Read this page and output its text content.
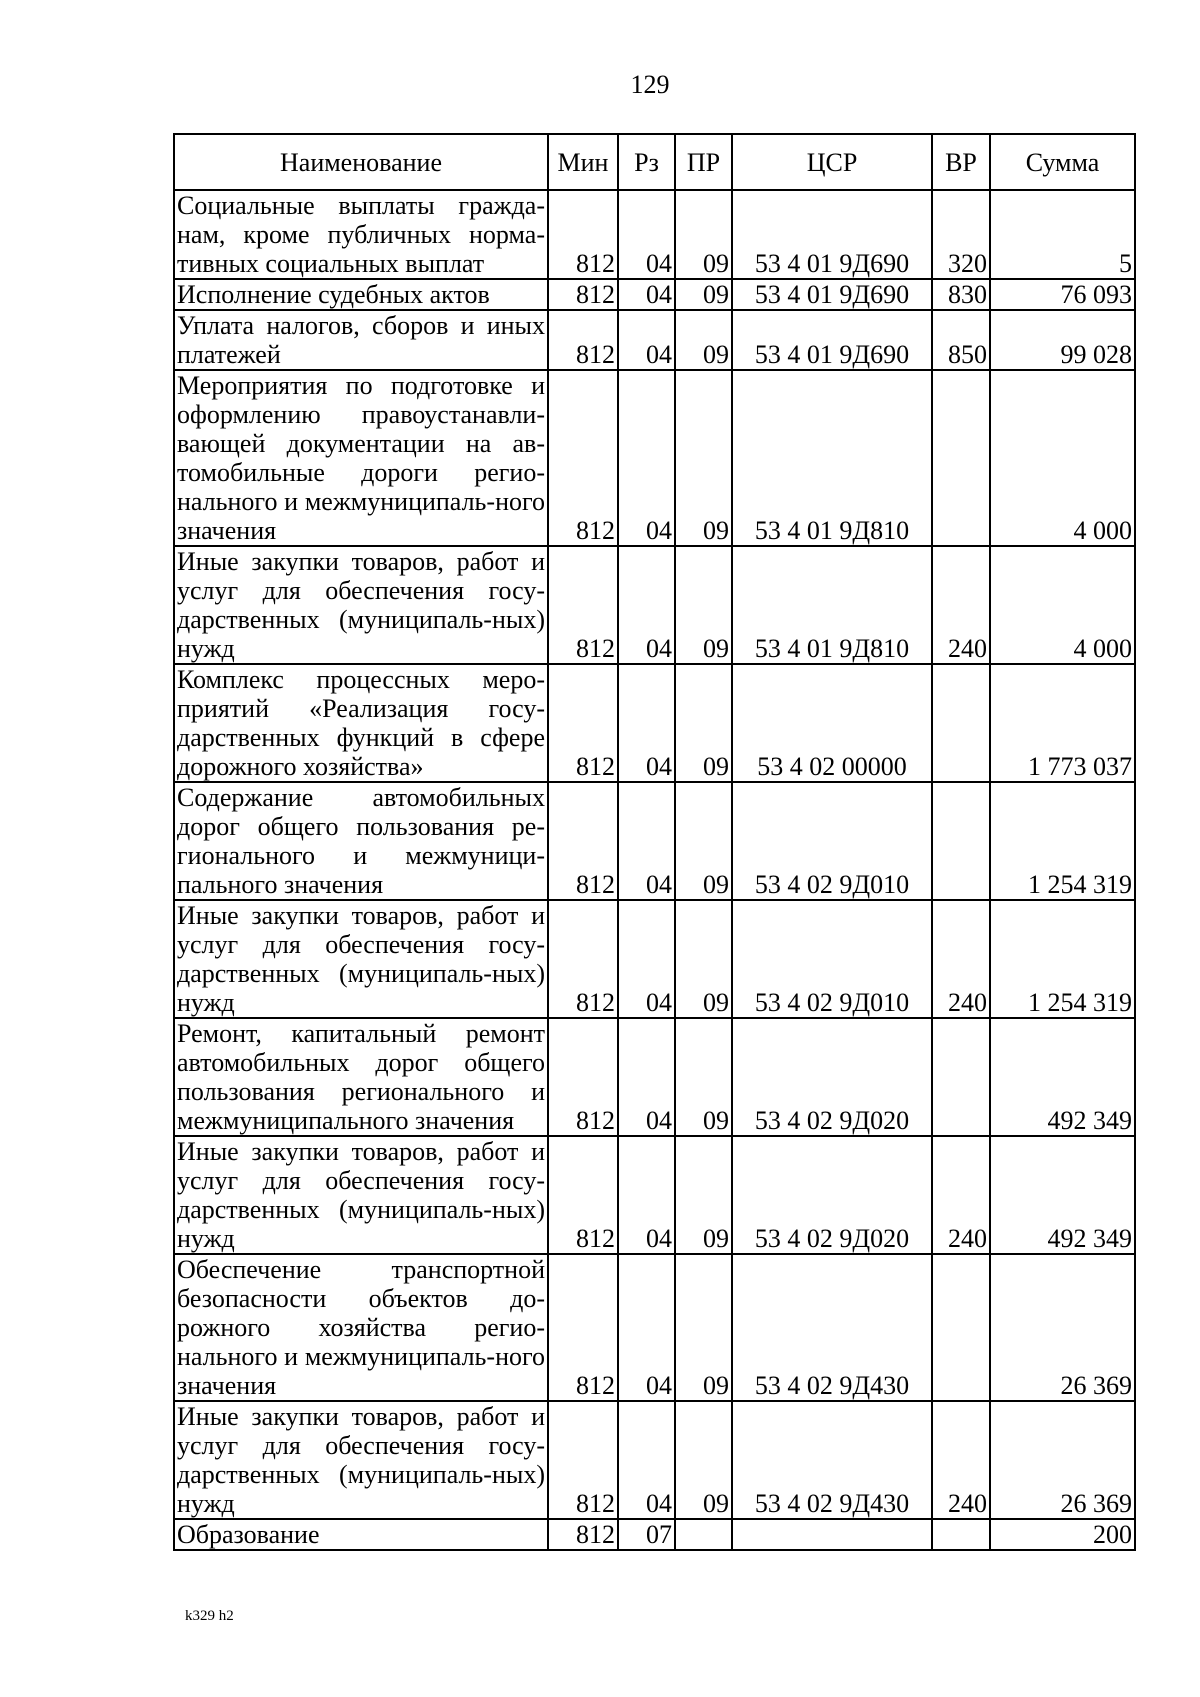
129
Наименование	Мин	Рз	ПР	ЦСР	ВР	Сумма
Социальные выплаты гражда-нам, кроме публичных норма-тивных социальных выплат	812	04	09	53 4 01 9Д690	320	5
Исполнение судебных актов	812	04	09	53 4 01 9Д690	830	76 093
Уплата налогов, сборов и иных платежей	812	04	09	53 4 01 9Д690	850	99 028
Мероприятия по подготовке и оформлению правоустанавли-вающей документации на ав-томобильные дороги регио-нального и межмуниципаль-ного значения	812	04	09	53 4 01 9Д810		4 000
Иные закупки товаров, работ и услуг для обеспечения госу-дарственных (муниципаль-ных) нужд	812	04	09	53 4 01 9Д810	240	4 000
Комплекс процессных меро-приятий «Реализация госу-дарственных функций в сфере дорожного хозяйства»	812	04	09	53 4 02 00000		1 773 037
Содержание автомобильных дорог общего пользования ре-гионального и межмуници-пального значения	812	04	09	53 4 02 9Д010		1 254 319
Иные закупки товаров, работ и услуг для обеспечения госу-дарственных (муниципаль-ных) нужд	812	04	09	53 4 02 9Д010	240	1 254 319
Ремонт, капитальный ремонт автомобильных дорог общего пользования регионального и межмуниципального значения	812	04	09	53 4 02 9Д020		492 349
Иные закупки товаров, работ и услуг для обеспечения госу-дарственных (муниципаль-ных) нужд	812	04	09	53 4 02 9Д020	240	492 349
Обеспечение транспортной безопасности объектов до-рожного хозяйства регио-нального и межмуниципаль-ного значения	812	04	09	53 4 02 9Д430		26 369
Иные закупки товаров, работ и услуг для обеспечения госу-дарственных (муниципаль-ных) нужд	812	04	09	53 4 02 9Д430	240	26 369
Образование	812	07				200
k329 h2
